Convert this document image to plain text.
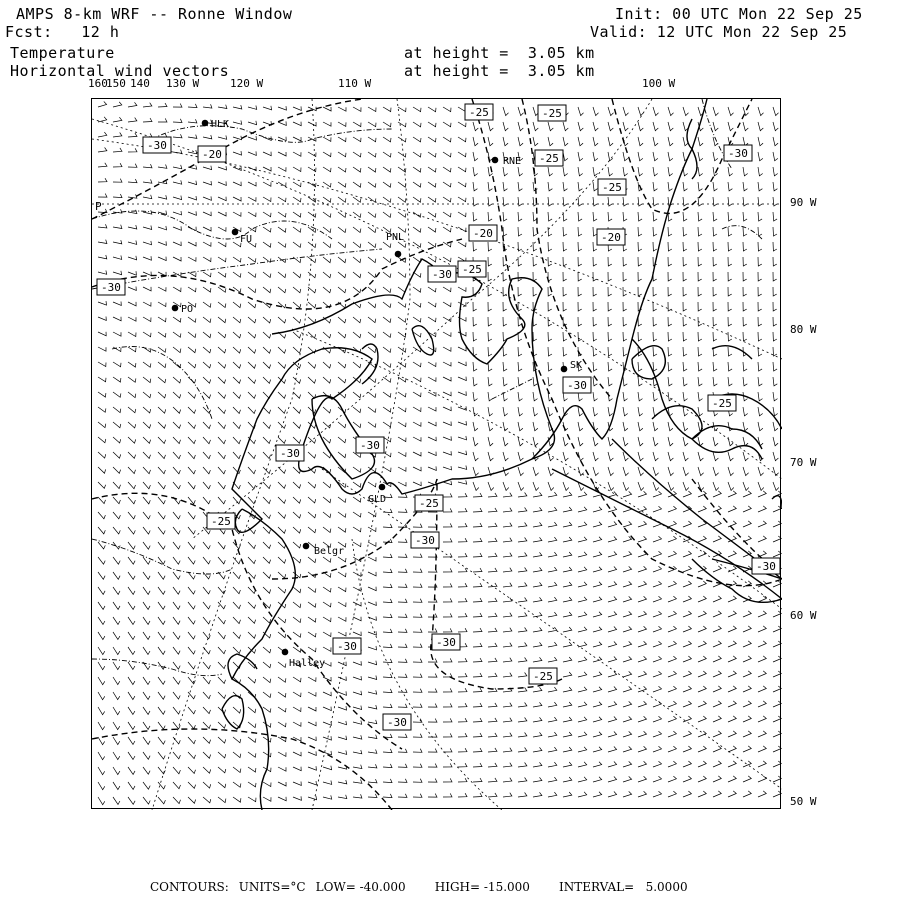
AMPS 8-km WRF -- Ronne Window
Fcst: 12 h
Temperature
Horizontal wind vectors
at height =  3.05 km
at height =  3.05 km
Init: 00 UTC Mon 22 Sep 25
Valid: 12 UTC Mon 22 Sep 25
160
150 140 130 W	120 W	110 W	100 W
90 W
80 W
70 W
60 W
50 W
HLK
RNE
FU	PNL
PO
SK
GLD
Belgr
Halley
-30
-20
-25
-25
-25
-20
-20
-30
-30
-30
-30
-25
-30
-30
-25
-30
-30
-25
-30
-25
-30
-30
-25
-25
P
CONTOURS: UNITS=°C LOW= -40.000 HIGH= -15.000 INTERVAL=   5.0000
